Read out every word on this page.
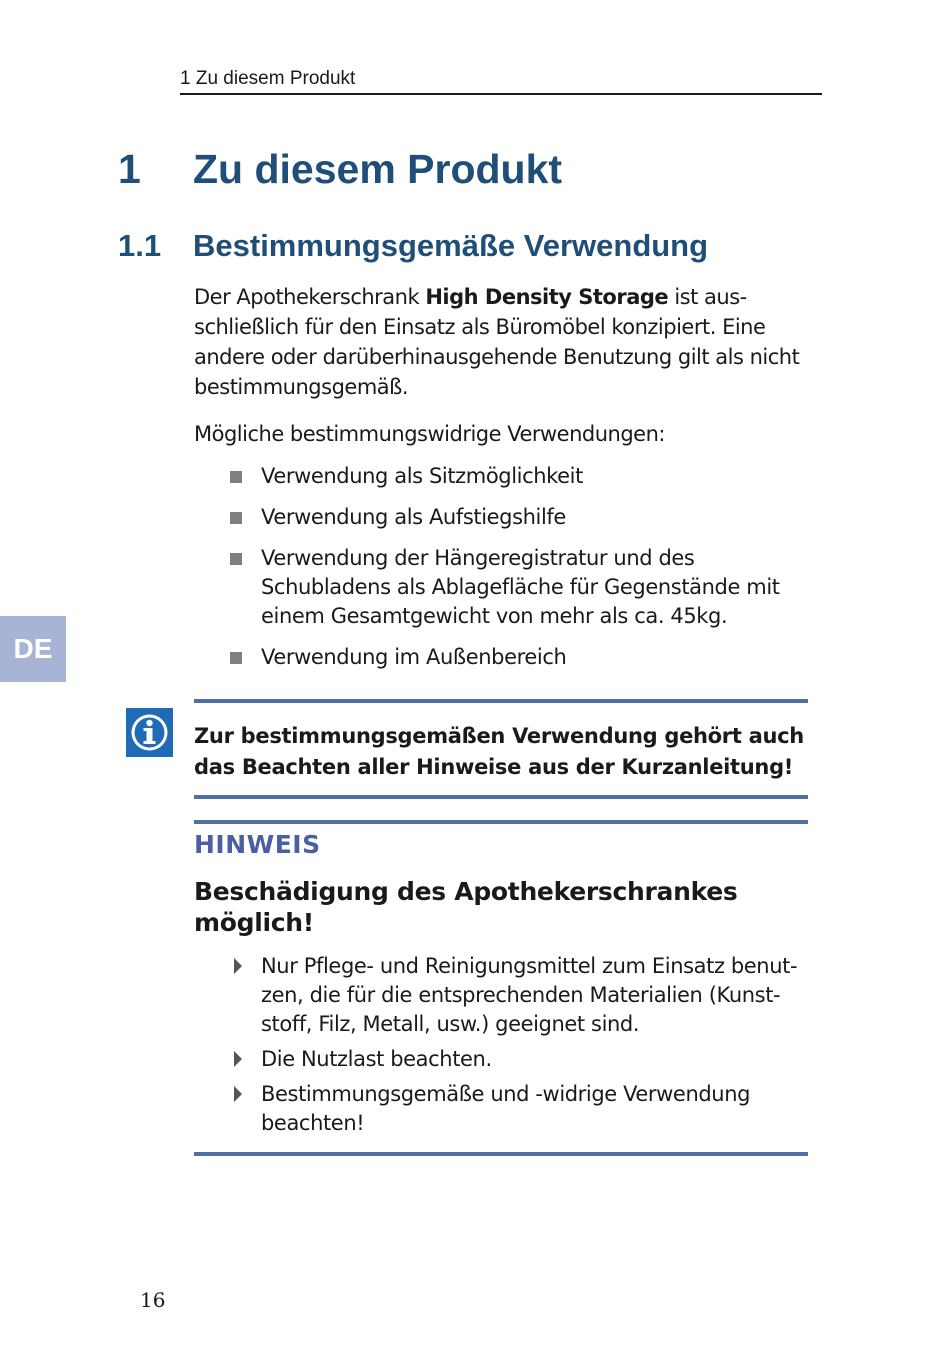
1 Zu diesem Produkt
1 Zu diesem Produkt
1.1 Bestimmungsgemäße Verwendung

Der Apothekerschrank High Density Storage ist aus-schließlich für den Einsatz als Büromöbel konzipiert. Eine andere oder darüberhinausgehende Benutzung gilt als nicht bestimmungsgemäß.

Mögliche bestimmungswidrige Verwendungen:

Verwendung als Sitzmöglichkeit
Verwendung als Aufstiegshilfe
Verwendung der Hängeregistratur und des Schubladens als Ablagefläche für Gegenstände mit einem Gesamtgewicht von mehr als ca. 45kg.
Verwendung im Außenbereich
DE
Zur bestimmungsgemäßen Verwendung gehört auch das Beachten aller Hinweise aus der Kurzanleitung!
HINWEIS
Beschädigung des Apothekerschrankes möglich!
Nur Pflege- und Reinigungsmittel zum Einsatz benut-zen, die für die entsprechenden Materialien (Kunst-stoff, Filz, Metall, usw.) geeignet sind.
Die Nutzlast beachten.
Bestimmungsgemäße und -widrige Verwendung beachten!
16
